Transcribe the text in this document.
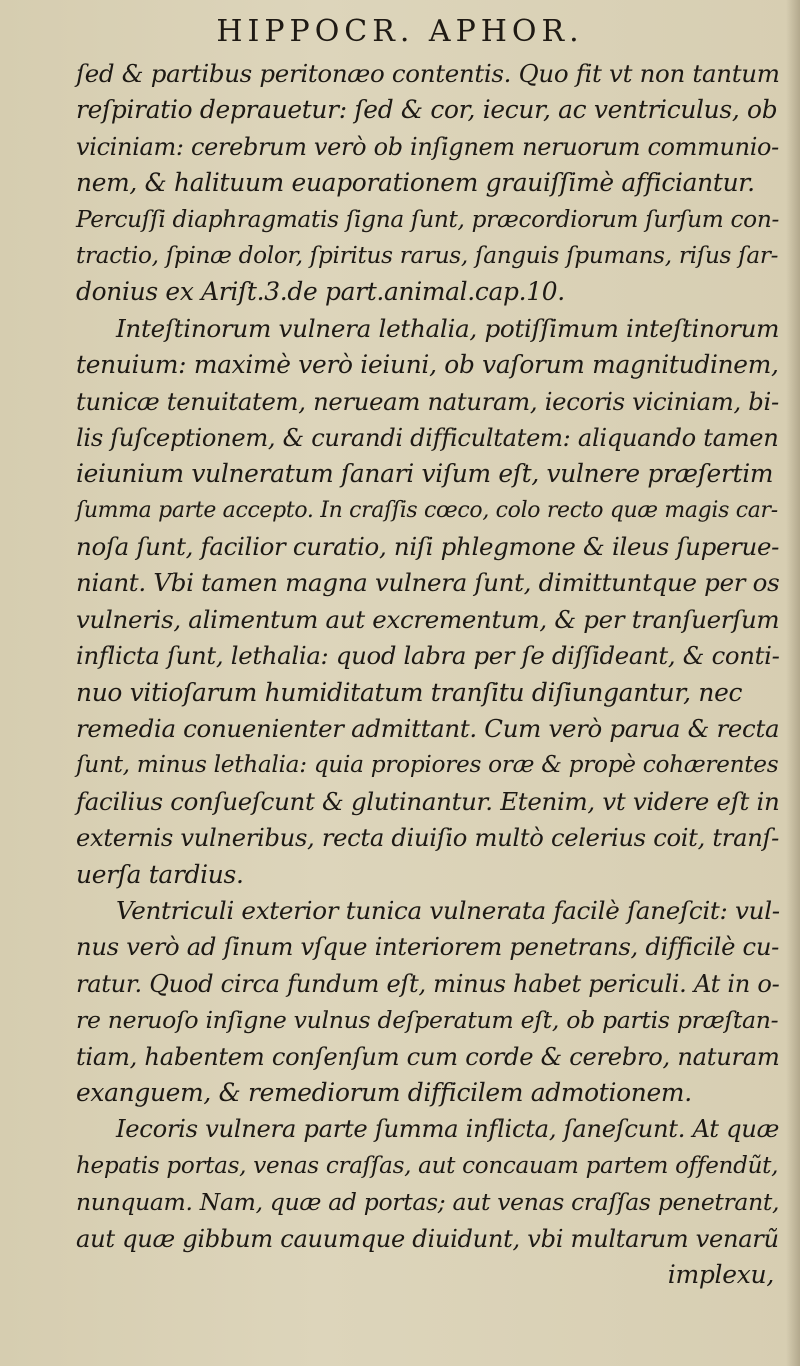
HIPPOCR. APHOR.
ſed & partibus peritonæo contentis. Quo fit vt non tantum
reſpiratio deprauetur: ſed & cor, iecur, ac ventriculus, ob
viciniam: cerebrum verò ob inſignem neruorum communio-
nem, & halituum euaporationem grauiſſimè afficiantur.
Percuſſi diaphragmatis ſigna ſunt, præcordiorum ſurſum con-
tractio, ſpinæ dolor, ſpiritus rarus, ſanguis ſpumans, riſus ſar-
donius ex Ariſt.3.de part.animal.cap.10.
Inteſtinorum vulnera lethalia, potiſſimum inteſtinorum
tenuium: maximè verò ieiuni, ob vaſorum magnitudinem,
tunicæ tenuitatem, nerueam naturam, iecoris viciniam, bi-
lis ſuſceptionem, & curandi difficultatem: aliquando tamen
ieiunium vulneratum ſanari viſum eſt, vulnere præſertim
ſumma parte accepto. In craſſis cœco, colo recto quæ magis car-
noſa ſunt, facilior curatio, niſi phlegmone & ileus ſuperue-
niant. Vbi tamen magna vulnera ſunt, dimittuntque per os
vulneris, alimentum aut excrementum, & per tranſuerſum
inflicta ſunt, lethalia: quod labra per ſe diſſideant, & conti-
nuo vitioſarum humiditatum tranſitu diſiungantur, nec
remedia conuenienter admittant. Cum verò parua & recta
ſunt, minus lethalia: quia propiores oræ & propè cohærentes
facilius conſueſcunt & glutinantur. Etenim, vt videre eſt in
externis vulneribus, recta diuiſio multò celerius coit, tranſ-
uerſa tardius.
Ventriculi exterior tunica vulnerata facilè ſaneſcit: vul-
nus verò ad ſinum vſque interiorem penetrans, difficilè cu-
ratur. Quod circa fundum eſt, minus habet periculi. At in o-
re neruoſo inſigne vulnus deſperatum eſt, ob partis præſtan-
tiam, habentem conſenſum cum corde & cerebro, naturam
exanguem, & remediorum difficilem admotionem.
Iecoris vulnera parte ſumma inflicta, ſaneſcunt. At quæ
hepatis portas, venas craſſas, aut concauam partem offendũt,
nunquam. Nam, quæ ad portas; aut venas craſſas penetrant,
aut quæ gibbum cauumque diuidunt, vbi multarum venarũ
implexu,
